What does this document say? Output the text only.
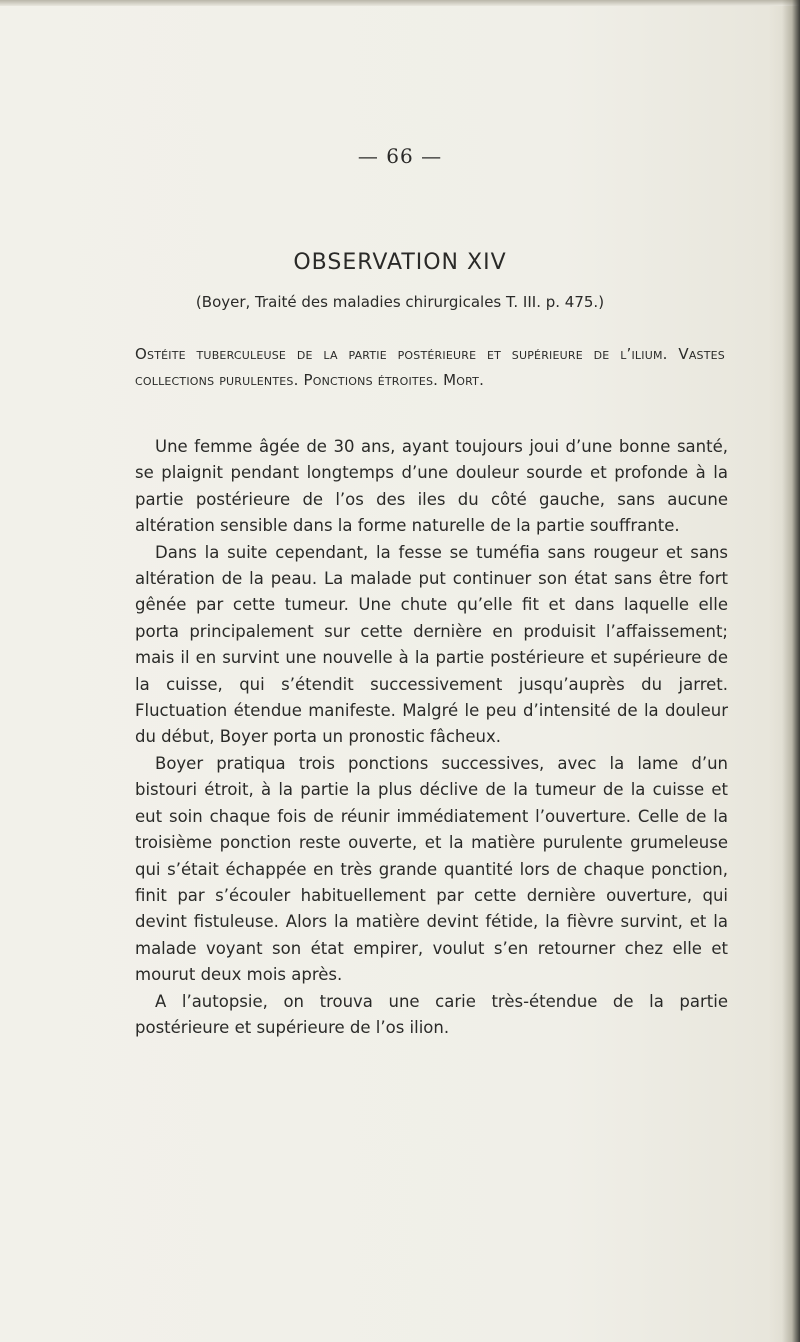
— 66 —
OBSERVATION XIV
(Boyer, Traité des maladies chirurgicales T. III. p. 475.)
Ostéite tuberculeuse de la partie postérieure et supérieure de l’ilium. Vastes collections purulentes. Ponctions étroites. Mort.

Une femme âgée de 30 ans, ayant toujours joui d’une bonne santé, se plaignit pendant longtemps d’une douleur sourde et profonde à la partie postérieure de l’os des iles du côté gauche, sans aucune altération sensible dans la forme naturelle de la partie souffrante.

Dans la suite cependant, la fesse se tuméfia sans rougeur et sans altération de la peau. La malade put continuer son état sans être fort gênée par cette tumeur. Une chute qu’elle fit et dans laquelle elle porta principalement sur cette dernière en produisit l’affaissement; mais il en survint une nouvelle à la partie postérieure et supérieure de la cuisse, qui s’étendit successivement jusqu’auprès du jarret. Fluctuation étendue manifeste. Malgré le peu d’intensité de la douleur du début, Boyer porta un pronostic fâcheux.

Boyer pratiqua trois ponctions successives, avec la lame d’un bistouri étroit, à la partie la plus déclive de la tumeur de la cuisse et eut soin chaque fois de réunir immédiatement l’ouverture. Celle de la troisième ponction reste ouverte, et la matière purulente grumeleuse qui s’était échappée en très grande quantité lors de chaque ponction, finit par s’écouler habituellement par cette dernière ouverture, qui devint fistuleuse. Alors la matière devint fétide, la fièvre survint, et la malade voyant son état empirer, voulut s’en retourner chez elle et mourut deux mois après.

A l’autopsie, on trouva une carie très-étendue de la partie postérieure et supérieure de l’os ilion.
